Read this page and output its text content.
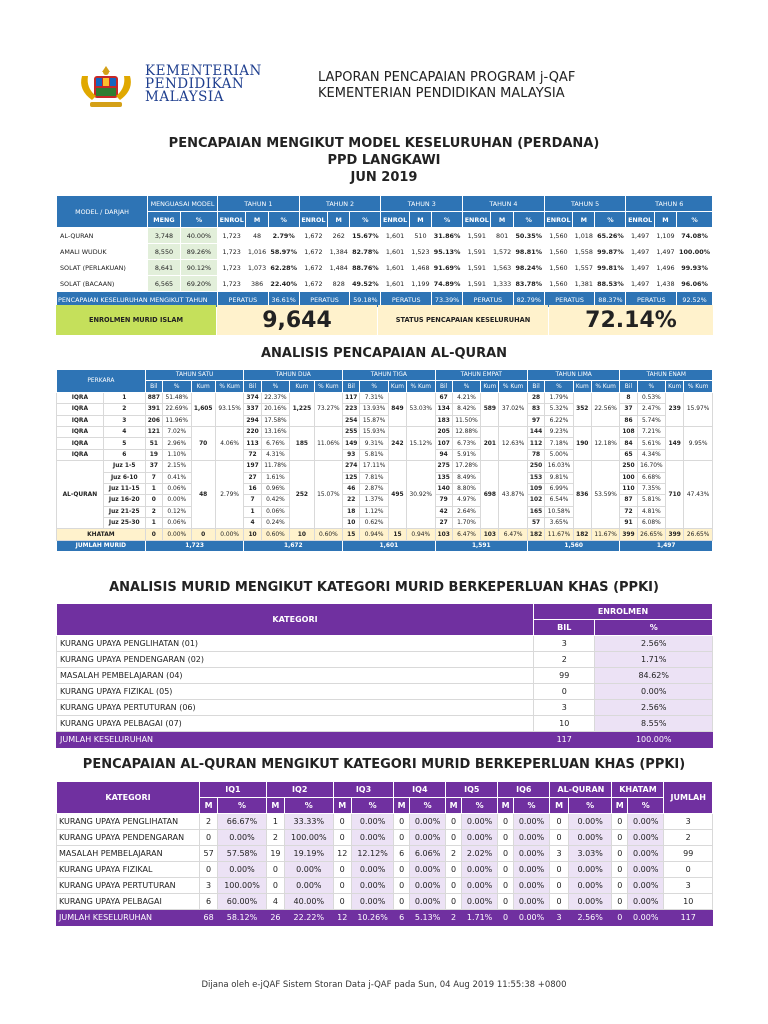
KEMENTERIAN
PENDIDIKAN
MALAYSIA
LAPORAN PENCAPAIAN PROGRAM j-QAF
KEMENTERIAN PENDIDIKAN MALAYSIA
PENCAPAIAN MENGIKUT MODEL KESELURUHAN (PERDANA)
PPD LANGKAWI
JUN 2019
MODEL / DARJAH	MENGUASAI MODEL		TAHUN 1			TAHUN 2			TAHUN 3			TAHUN 4			TAHUN 5			TAHUN 6		
	MENG	%	ENROL	M	%	ENROL	M	%	ENROL	M	%	ENROL	M	%	ENROL	M	%	ENROL	M	%
AL-QURAN	3,748	40.00%	1,723	48	2.79%	1,672	262	15.67%	1,601	510	31.86%	1,591	801	50.35%	1,560	1,018	65.26%	1,497	1,109	74.08%
AMALI WUDUK	8,550	89.26%	1,723	1,016	58.97%	1,672	1,384	82.78%	1,601	1,523	95.13%	1,591	1,572	98.81%	1,560	1,558	99.87%	1,497	1,497	100.00%
SOLAT (PERLAKUAN)	8,641	90.12%	1,723	1,073	62.28%	1,672	1,484	88.76%	1,601	1,468	91.69%	1,591	1,563	98.24%	1,560	1,557	99.81%	1,497	1,496	99.93%
SOLAT (BACAAN)	6,565	69.20%	1,723	386	22.40%	1,672	828	49.52%	1,601	1,199	74.89%	1,591	1,333	83.78%	1,560	1,381	88.53%	1,497	1,438	96.06%
PENCAPAIAN KESELURUHAN MENGIKUT TAHUN			PERATUS		36.61%	PERATUS		59.18%	PERATUS		73.39%	PERATUS		82.79%	PERATUS		88.37%	PERATUS		92.52%
ENROLMEN MURID ISLAM	9,644	STATUS PENCAPAIAN KESELURUHAN	72.14%
ANALISIS PENCAPAIAN AL-QURAN
PERKARA		TAHUN SATU				TAHUN DUA				TAHUN TIGA				TAHUN EMPAT				TAHUN LIMA				TAHUN ENAM			
		Bil	%	Kum	% Kum	Bil	%	Kum	% Kum	Bil	%	Kum	% Kum	Bil	%	Kum	% Kum	Bil	%	Kum	% Kum	Bil	%	Kum	% Kum
IQRA	1	887	51.48%	1,605	93.15%	374	22.37%	1,225	73.27%	117	7.31%	849	53.03%	67	4.21%	589	37.02%	28	1.79%	352	22.56%	8	0.53%	239	15.97%
IQRA	2	391	22.69%			337	20.16%			223	13.93%			134	8.42%			83	5.32%			37	2.47%		
IQRA	3	206	11.96%			294	17.58%			254	15.87%			183	11.50%			97	6.22%			86	5.74%		
IQRA	4	121	7.02%	70	4.06%	220	13.16%	185	11.06%	255	15.93%	242	15.12%	205	12.88%	201	12.63%	144	9.23%	190	12.18%	108	7.21%	149	9.95%
IQRA	5	51	2.96%			113	6.76%			149	9.31%			107	6.73%			112	7.18%			84	5.61%		
IQRA	6	19	1.10%			72	4.31%			93	5.81%			94	5.91%			78	5.00%			65	4.34%		
AL-QURAN	Juz 1-5	37	2.15%	48	2.79%	197	11.78%	252	15.07%	274	17.11%	495	30.92%	275	17.28%	698	43.87%	250	16.03%	836	53.59%	250	16.70%	710	47.43%
	Juz 6-10	7	0.41%			27	1.61%			125	7.81%			135	8.49%			153	9.81%			100	6.68%		
	Juz 11-15	1	0.06%			16	0.96%			46	2.87%			140	8.80%			109	6.99%			110	7.35%		
	Juz 16-20	0	0.00%			7	0.42%			22	1.37%			79	4.97%			102	6.54%			87	5.81%		
	Juz 21-25	2	0.12%			1	0.06%			18	1.12%			42	2.64%			165	10.58%			72	4.81%		
	Juz 25-30	1	0.06%			4	0.24%			10	0.62%			27	1.70%			57	3.65%			91	6.08%		
KHATAM		0	0.00%	0	0.00%	10	0.60%	10	0.60%	15	0.94%	15	0.94%	103	6.47%	103	6.47%	182	11.67%	182	11.67%	399	26.65%	399	26.65%
JUMLAH MURID		1,723				1,672				1,601				1,591				1,560				1,497			
ANALISIS MURID MENGIKUT KATEGORI MURID BERKEPERLUAN KHAS (PPKI)
KATEGORI	ENROLMEN	
	BIL	%
KURANG UPAYA PENGLIHATAN (01)	3	2.56%
KURANG UPAYA PENDENGARAN (02)	2	1.71%
MASALAH PEMBELAJARAN (04)	99	84.62%
KURANG UPAYA FIZIKAL (05)	0	0.00%
KURANG UPAYA PERTUTURAN (06)	3	2.56%
KURANG UPAYA PELBAGAI (07)	10	8.55%
JUMLAH KESELURUHAN	117	100.00%
PENCAPAIAN AL-QURAN MENGIKUT KATEGORI MURID BERKEPERLUAN KHAS (PPKI)
KATEGORI	IQ1		IQ2		IQ3		IQ4		IQ5		IQ6		AL-QURAN		KHATAM		JUMLAH
	M	%	M	%	M	%	M	%	M	%	M	%	M	%	M	%	
KURANG UPAYA PENGLIHATAN	2	66.67%	1	33.33%	0	0.00%	0	0.00%	0	0.00%	0	0.00%	0	0.00%	0	0.00%	3
KURANG UPAYA PENDENGARAN	0	0.00%	2	100.00%	0	0.00%	0	0.00%	0	0.00%	0	0.00%	0	0.00%	0	0.00%	2
MASALAH PEMBELAJARAN	57	57.58%	19	19.19%	12	12.12%	6	6.06%	2	2.02%	0	0.00%	3	3.03%	0	0.00%	99
KURANG UPAYA FIZIKAL	0	0.00%	0	0.00%	0	0.00%	0	0.00%	0	0.00%	0	0.00%	0	0.00%	0	0.00%	0
KURANG UPAYA PERTUTURAN	3	100.00%	0	0.00%	0	0.00%	0	0.00%	0	0.00%	0	0.00%	0	0.00%	0	0.00%	3
KURANG UPAYA PELBAGAI	6	60.00%	4	40.00%	0	0.00%	0	0.00%	0	0.00%	0	0.00%	0	0.00%	0	0.00%	10
JUMLAH KESELURUHAN	68	58.12%	26	22.22%	12	10.26%	6	5.13%	2	1.71%	0	0.00%	3	2.56%	0	0.00%	117
Dijana oleh e-jQAF Sistem Storan Data j-QAF pada Sun, 04 Aug 2019 11:55:38 +0800
